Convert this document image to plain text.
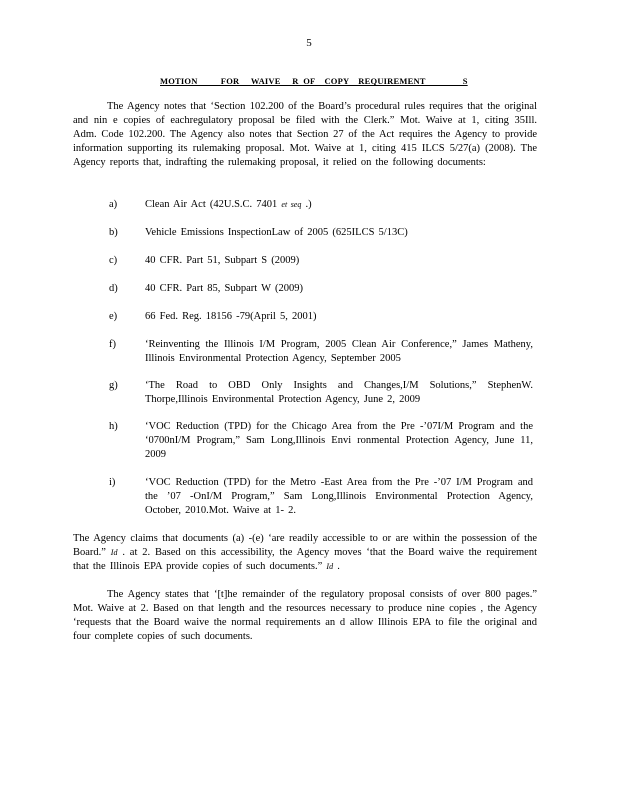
5
MOTION          FOR     WAIVE     R  OF    COPY    REQUIREMENT                S

The Agency notes that ‘Section 102.200 of the Board’s procedural rules requires that the original and nin e copies of eachregulatory proposal be filed with the Clerk.” Mot. Waive at 1, citing 35Ill. Adm. Code 102.200. The Agency also notes that Section 27 of the Act requires the Agency to provide information supporting its rulemaking proposal. Mot. Waive at 1, citing 415 ILCS 5/27(a) (2008). The Agency reports that, indrafting the rulemaking proposal, it relied on the following documents:

a)	Clean Air Act (42U.S.C. 7401 et seq .)
b)	Vehicle Emissions InspectionLaw of 2005 (625ILCS 5/13C)
c)	40 CFR. Part 51, Subpart S (2009)
d)	40 CFR. Part 85, Subpart W (2009)
e)	66 Fed. Reg. 18156 -79(April 5, 2001)
f)	‘Reinventing the Illinois I/M Program, 2005 Clean Air Conference,” James Matheny, Illinois Environmental Protection Agency, September 2005
g)	‘The Road to OBD Only Insights and Changes,I/M Solutions,” StephenW. Thorpe,Illinois Environmental Protection Agency, June 2, 2009
h)	‘VOC Reduction (TPD) for the Chicago Area from the Pre -’07I/M Program and the ‘0700nI/M Program,” Sam Long,Illinois Envi ronmental Protection Agency, June 11, 2009
i)	‘VOC Reduction (TPD) for the Metro -East Area from the Pre -’07 I/M Program and the ’07 -OnI/M Program,” Sam Long,Illinois Environmental Protection Agency, October, 2010.Mot. Waive at 1- 2.

The Agency claims that documents (a) -(e) ‘are readily accessible to or are within the possession of the Board.” Id . at 2. Based on this accessibility, the Agency moves ‘that the Board waive the requirement that the Illinois EPA provide copies of such documents.” Id .

The Agency states that ‘[t]he remainder of the regulatory proposal consists of over 800 pages.” Mot. Waive at 2. Based on that length and the resources necessary to produce nine copies , the Agency ‘requests that the Board waive the normal requirements an d allow Illinois EPA to file the original and four complete copies of such documents.
